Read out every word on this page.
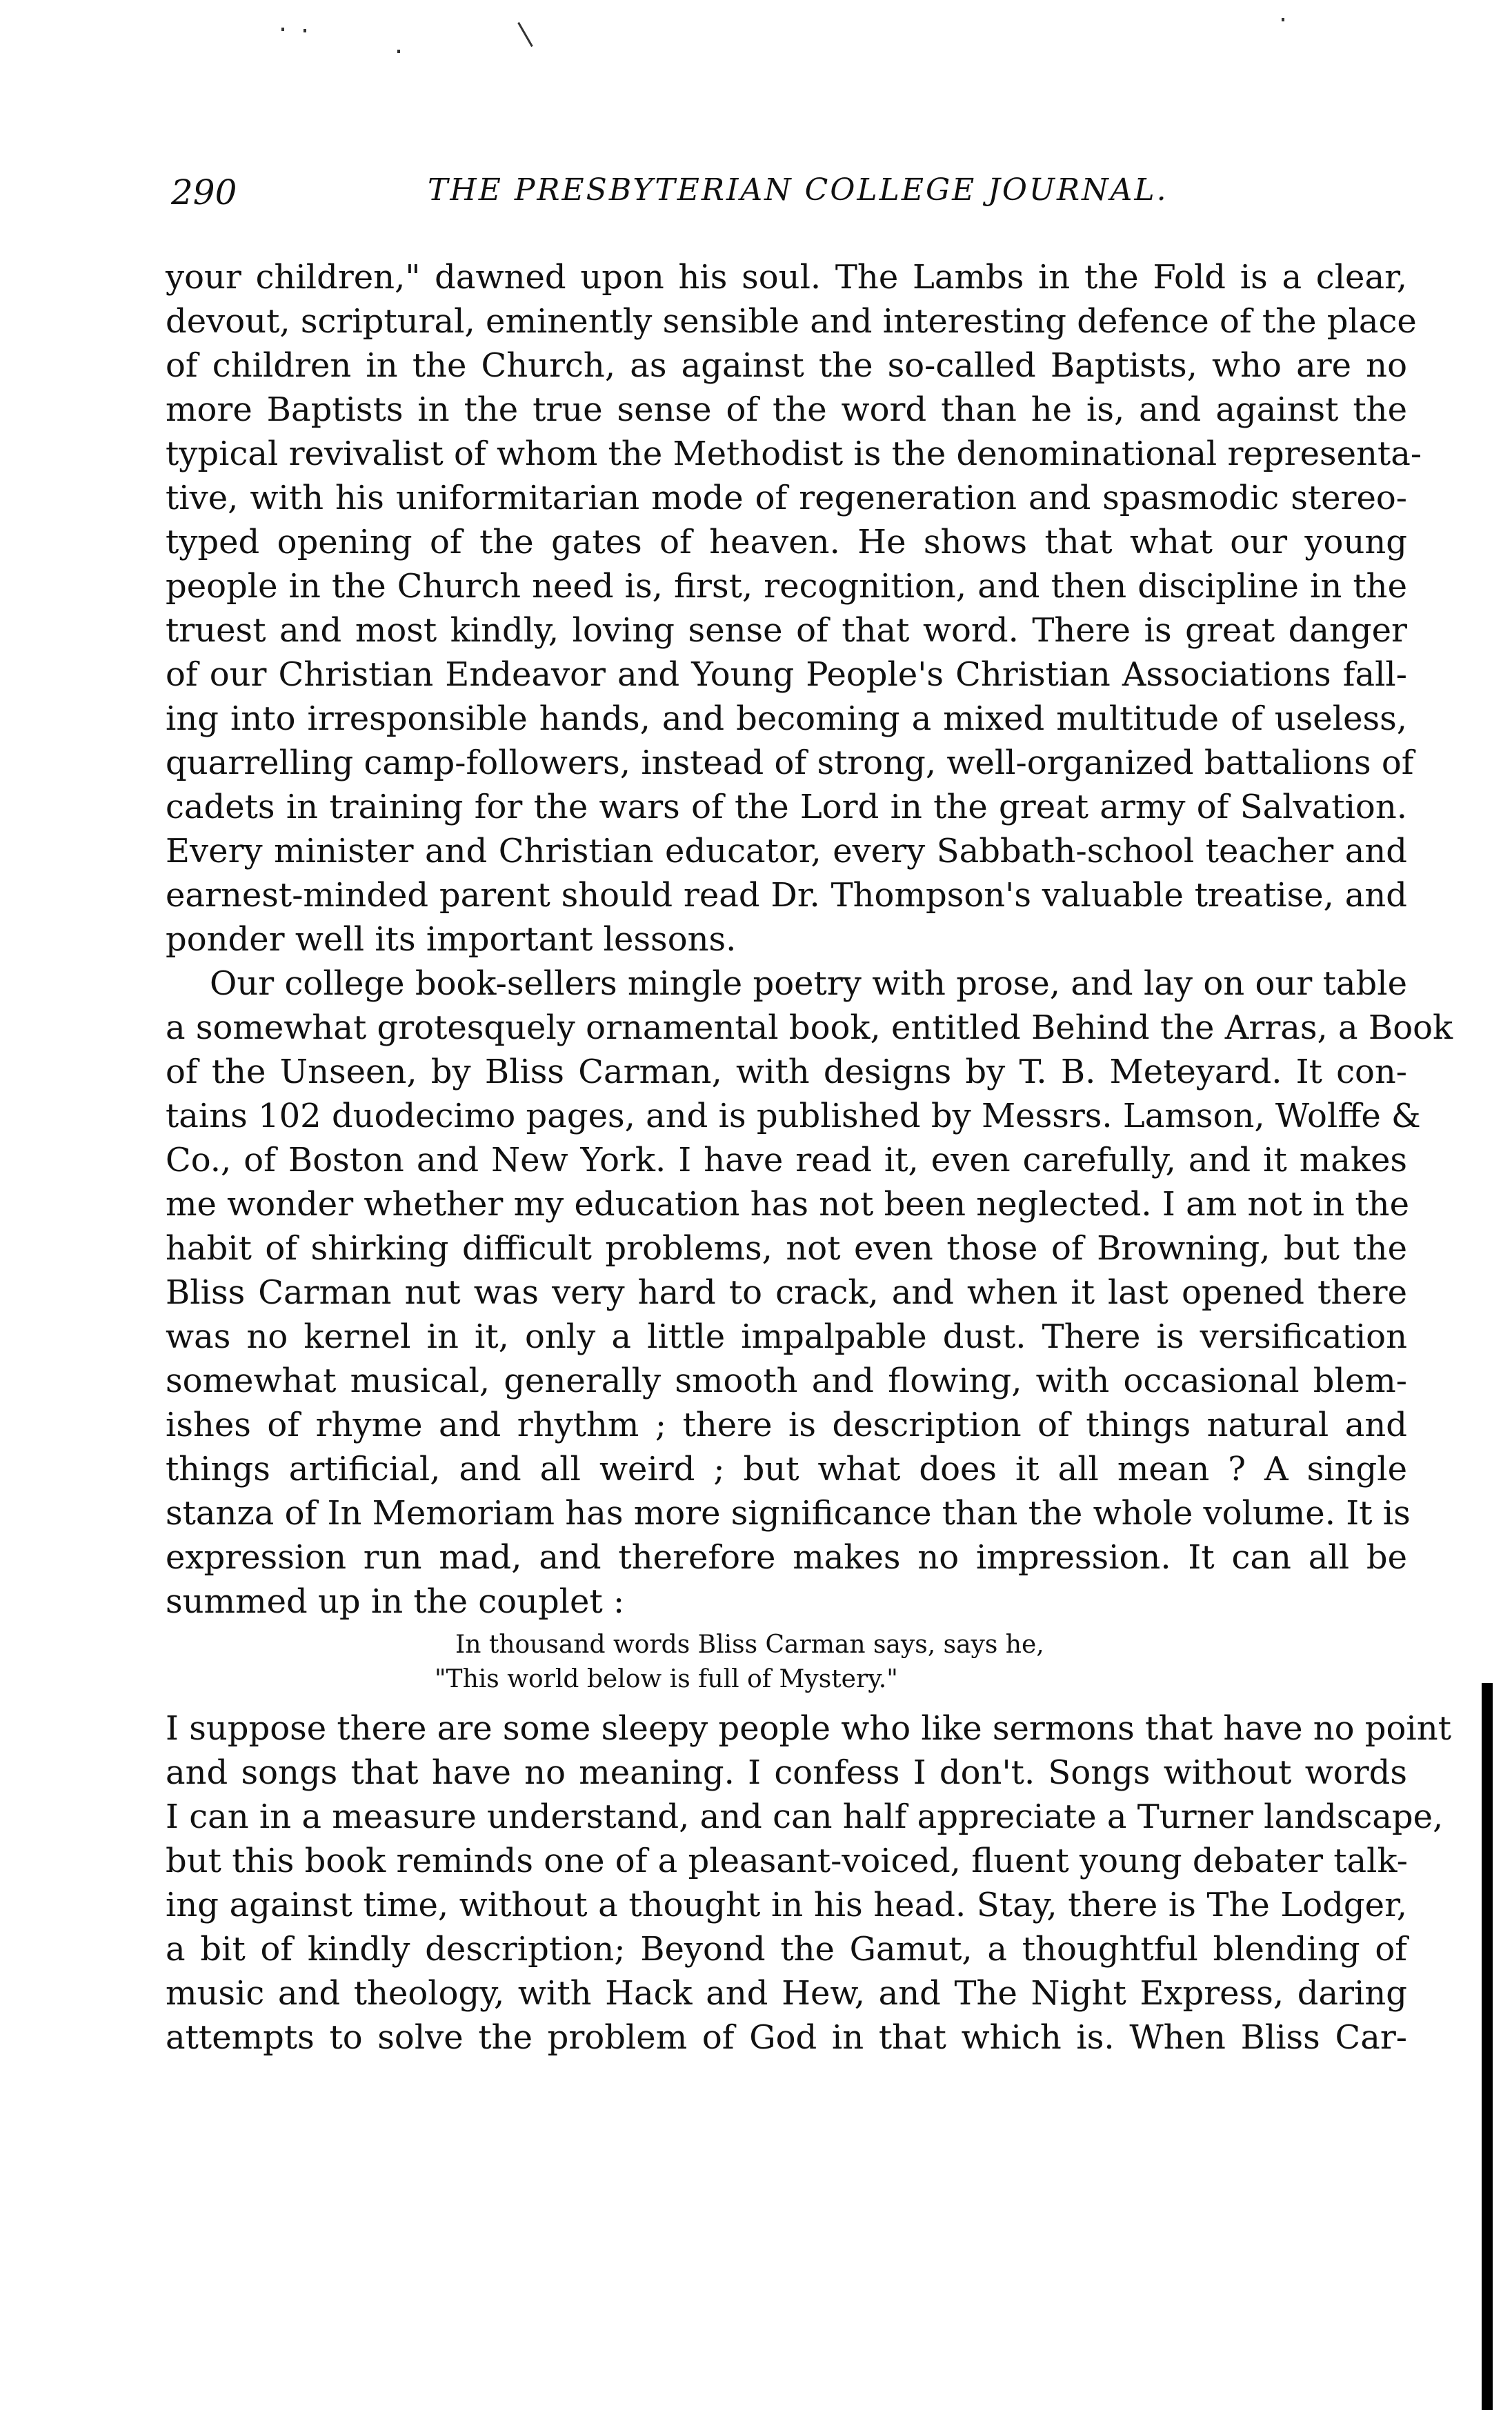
290	THE PRESBYTERIAN COLLEGE JOURNAL.
your children," dawned upon his soul. The Lambs in the Fold is a clear,
devout, scriptural, eminently sensible and interesting defence of the place
of children in the Church, as against the so-called Baptists, who are no
more Baptists in the true sense of the word than he is, and against the
typical revivalist of whom the Methodist is the denominational representa-
tive, with his uniformitarian mode of regeneration and spasmodic stereo-
typed opening of the gates of heaven. He shows that what our young
people in the Church need is, first, recognition, and then discipline in the
truest and most kindly, loving sense of that word. There is great danger
of our Christian Endeavor and Young People's Christian Associations fall-
ing into irresponsible hands, and becoming a mixed multitude of useless,
quarrelling camp-followers, instead of strong, well-organized battalions of
cadets in training for the wars of the Lord in the great army of Salvation.
Every minister and Christian educator, every Sabbath-school teacher and
earnest-minded parent should read Dr. Thompson's valuable treatise, and
ponder well its important lessons.
Our college book-sellers mingle poetry with prose, and lay on our table
a somewhat grotesquely ornamental book, entitled Behind the Arras, a Book
of the Unseen, by Bliss Carman, with designs by T. B. Meteyard. It con-
tains 102 duodecimo pages, and is published by Messrs. Lamson, Wolffe &
Co., of Boston and New York. I have read it, even carefully, and it makes
me wonder whether my education has not been neglected. I am not in the
habit of shirking difficult problems, not even those of Browning, but the
Bliss Carman nut was very hard to crack, and when it last opened there
was no kernel in it, only a little impalpable dust. There is versification
somewhat musical, generally smooth and flowing, with occasional blem-
ishes of rhyme and rhythm ; there is description of things natural and
things artificial, and all weird ; but what does it all mean ? A single
stanza of In Memoriam has more significance than the whole volume. It is
expression run mad, and therefore makes no impression. It can all be
summed up in the couplet :
In thousand words Bliss Carman says, says he,
"This world below is full of Mystery."
I suppose there are some sleepy people who like sermons that have no point
and songs that have no meaning. I confess I don't. Songs without words
I can in a measure understand, and can half appreciate a Turner landscape,
but this book reminds one of a pleasant-voiced, fluent young debater talk-
ing against time, without a thought in his head. Stay, there is The Lodger,
a bit of kindly description; Beyond the Gamut, a thoughtful blending of
music and theology, with Hack and Hew, and The Night Express, daring
attempts to solve the problem of God in that which is. When Bliss Car-
